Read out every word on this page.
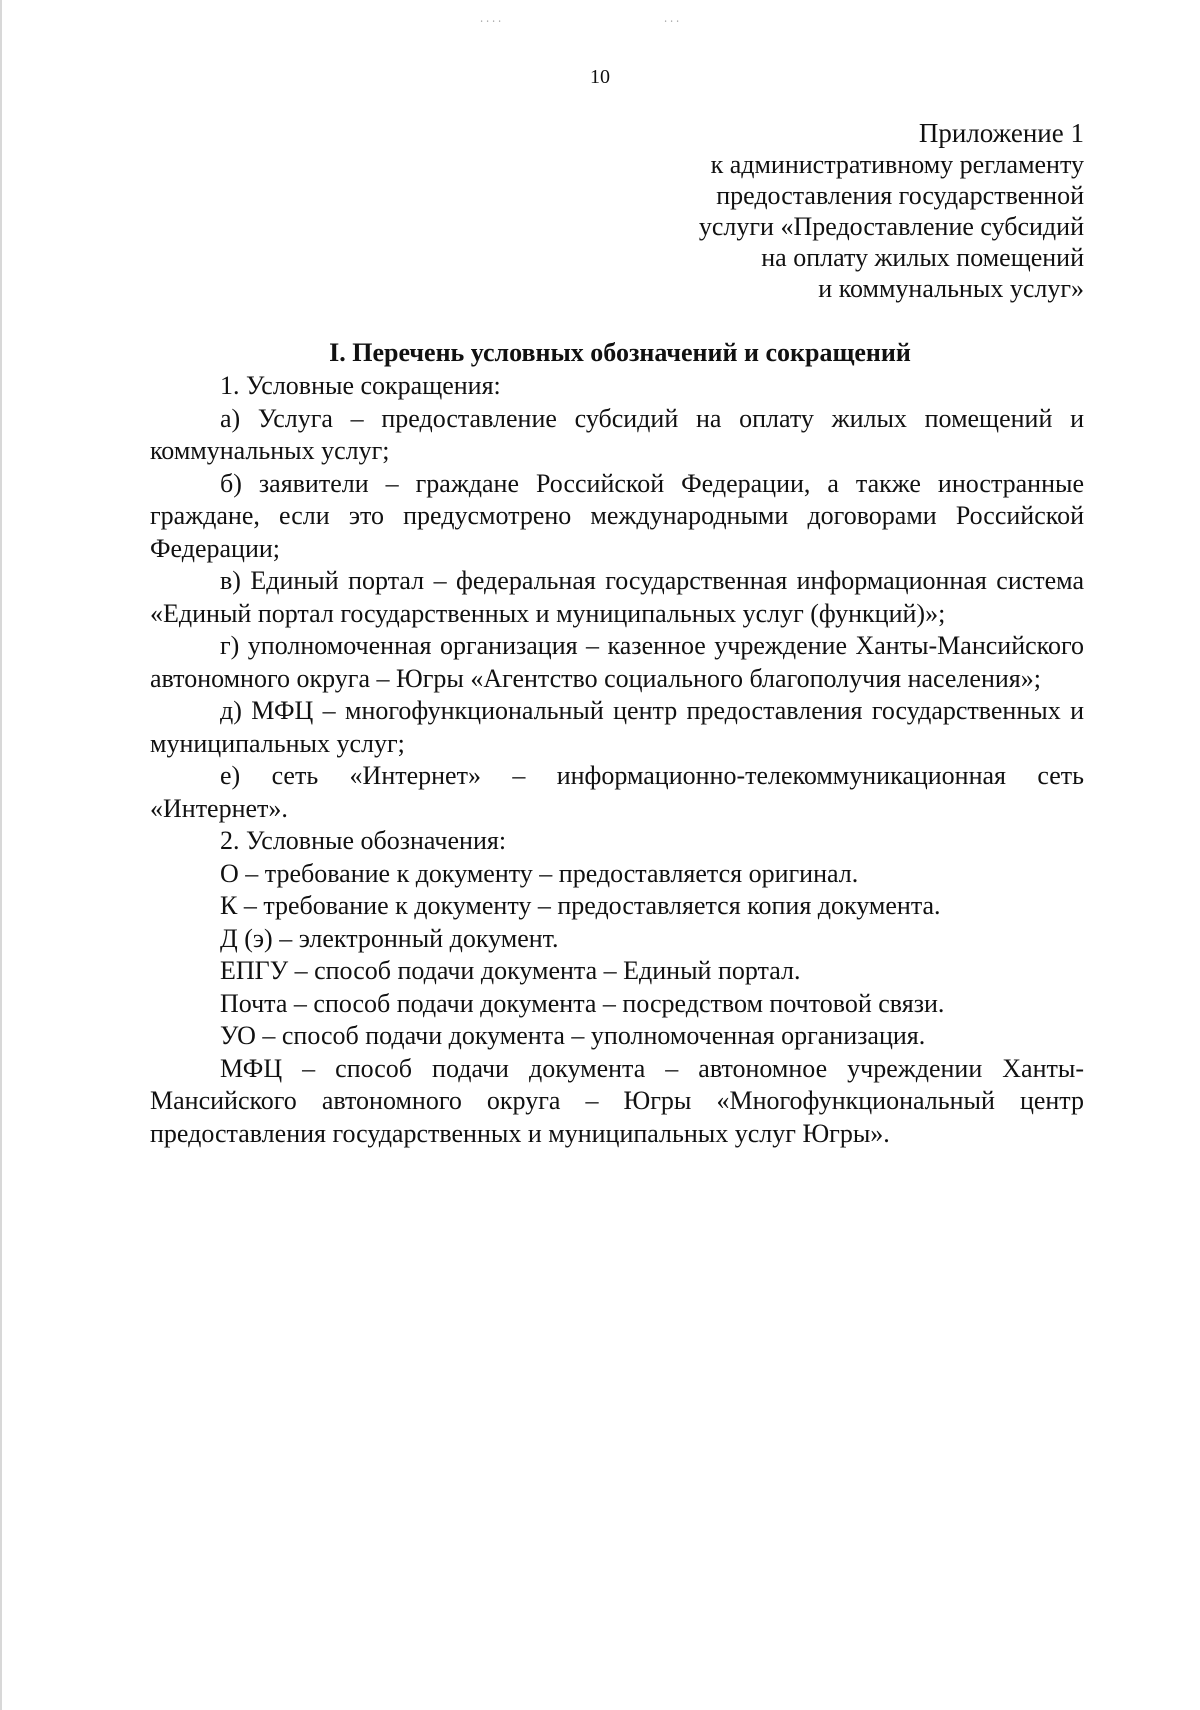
∙ ∙ ∙ ∙	∙ ∙ ∙
10
Приложение 1
к административному регламенту
предоставления государственной
услуги «Предоставление субсидий
на оплату жилых помещений
и коммунальных услуг»
I. Перечень условных обозначений и сокращений

1. Условные сокращения:

а) Услуга – предоставление субсидий на оплату жилых помещений и коммунальных услуг;

б) заявители – граждане Российской Федерации, а также иностранные граждане, если это предусмотрено международными договорами Российской Федерации;

в) Единый портал – федеральная государственная информационная система «Единый портал государственных и муниципальных услуг (функций)»;

г) уполномоченная организация – казенное учреждение Ханты-Мансийского автономного округа – Югры «Агентство социального благополучия населения»;

д) МФЦ – многофункциональный центр предоставления государственных и муниципальных услуг;

е) сеть «Интернет» – информационно-телекоммуникационная сеть «Интернет».

2. Условные обозначения:

О – требование к документу – предоставляется оригинал.

К – требование к документу – предоставляется копия документа.

Д (э) – электронный документ.

ЕПГУ – способ подачи документа – Единый портал.

Почта – способ подачи документа – посредством почтовой связи.

УО – способ подачи документа – уполномоченная организация.

МФЦ – способ подачи документа – автономное учреждении Ханты-Мансийского автономного округа – Югры «Многофункциональный центр предоставления государственных и муниципальных услуг Югры».
